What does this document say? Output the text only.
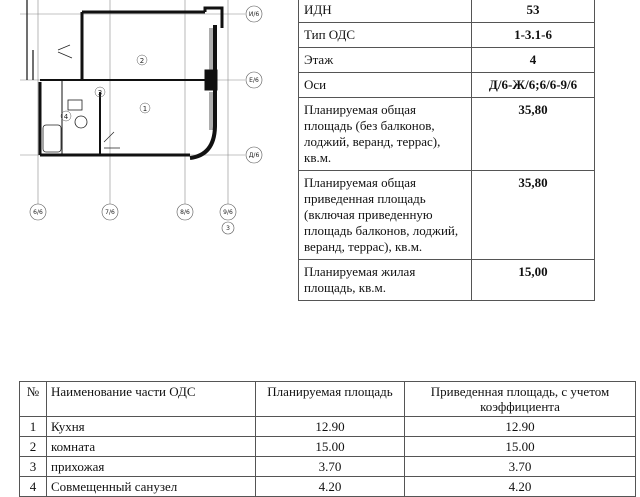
2
3
1
4
И/6
Е/6
Д/6
6/6	7/6	8/6	9/6
3
ИДН	53
Тип ОДС	1-3.1-6
Этаж	4
Оси	Д/6-Ж/6;6/6-9/6
Планируемая общая площадь (без балконов, лоджий, веранд, террас), кв.м.	35,80
Планируемая общая приведенная площадь (включая приведенную площадь балконов, лоджий, веранд, террас), кв.м.	35,80
Планируемая жилая площадь, кв.м.	15,00
№	Наименование части ОДС	Планируемая площадь	Приведенная площадь, с учетом коэффициента
1	Кухня	12.90	12.90
2	комната	15.00	15.00
3	прихожая	3.70	3.70
4	Совмещенный санузел	4.20	4.20
